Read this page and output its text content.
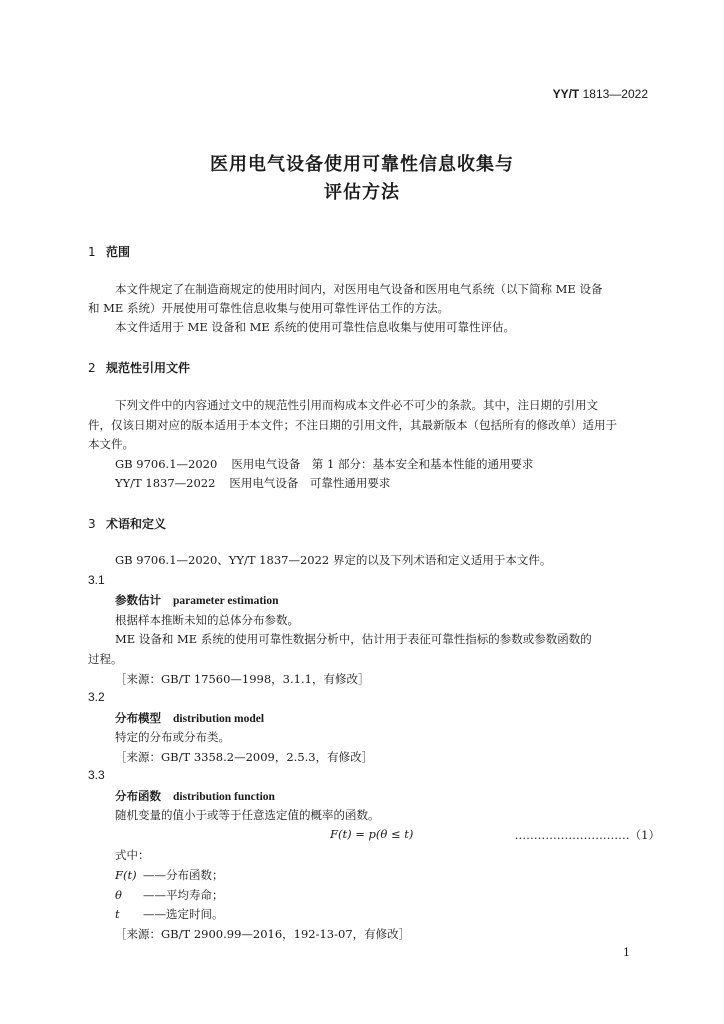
YY/T 1813—2022
医用电气设备使用可靠性信息收集与
评估方法
1 范围
本文件规定了在制造商规定的使用时间内，对医用电气设备和医用电气系统（以下简称 ME 设备
和 ME 系统）开展使用可靠性信息收集与使用可靠性评估工作的方法。
本文件适用于 ME 设备和 ME 系统的使用可靠性信息收集与使用可靠性评估。
2 规范性引用文件
下列文件中的内容通过文中的规范性引用而构成本文件必不可少的条款。其中，注日期的引用文
件，仅该日期对应的版本适用于本文件；不注日期的引用文件，其最新版本（包括所有的修改单）适用于
本文件。
GB 9706.1—2020 医用电气设备　第 1 部分：基本安全和基本性能的通用要求
YY/T 1837—2022 医用电气设备　可靠性通用要求
3 术语和定义
GB 9706.1—2020、YY/T 1837—2022 界定的以及下列术语和定义适用于本文件。
3.1
参数估计 parameter estimation
根据样本推断未知的总体分布参数。
ME 设备和 ME 系统的使用可靠性数据分析中，估计用于表征可靠性指标的参数或参数函数的
过程。
［来源：GB/T 17560—1998，3.1.1，有修改］
3.2
分布模型 distribution model
特定的分布或分布类。
［来源：GB/T 3358.2—2009，2.5.3，有修改］
3.3
分布函数 distribution function
随机变量的值小于或等于任意选定值的概率的函数。
F(t) = p(θ ≤ t)	…………………………（1）
式中：
F(t) ——分布函数；
θ ——平均寿命；
t ——选定时间。
［来源：GB/T 2900.99—2016，192-13-07，有修改］
1
